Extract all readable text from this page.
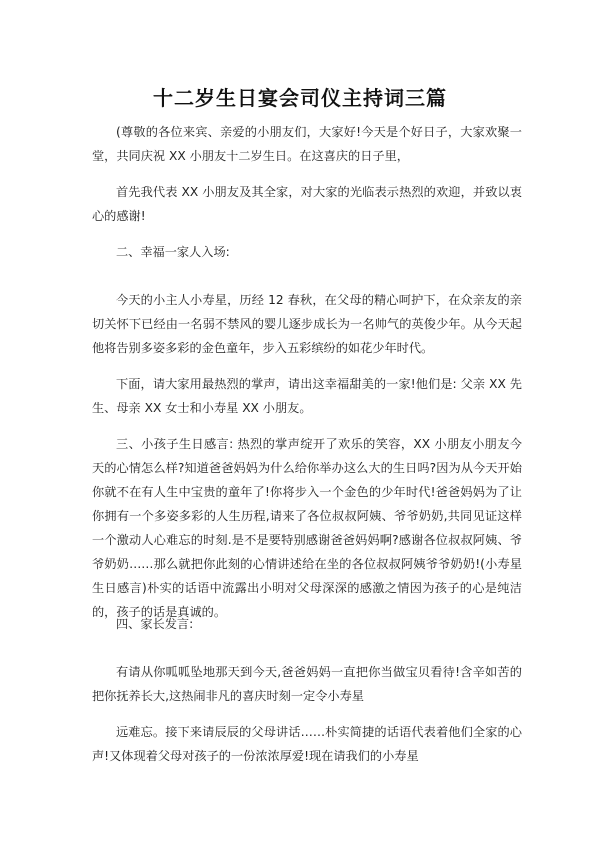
十二岁生日宴会司仪主持词三篇

(尊敬的各位来宾、亲爱的小朋友们，大家好!今天是个好日子，大家欢聚一堂，共同庆祝 XX 小朋友十二岁生日。在这喜庆的日子里，

首先我代表 XX 小朋友及其全家，对大家的光临表示热烈的欢迎，并致以衷心的感谢!

二、幸福一家人入场:

今天的小主人小寿星，历经 12 春秋，在父母的精心呵护下，在众亲友的亲切关怀下已经由一名弱不禁风的婴儿逐步成长为一名帅气的英俊少年。从今天起他将告别多姿多彩的金色童年，步入五彩缤纷的如花少年时代。

下面，请大家用最热烈的掌声，请出这幸福甜美的一家!他们是: 父亲 XX 先生、母亲 XX 女士和小寿星 XX 小朋友。

三、小孩子生日感言: 热烈的掌声绽开了欢乐的笑容，XX 小朋友小朋友今天的心情怎么样?知道爸爸妈妈为什么给你举办这么大的生日吗?因为从今天开始你就不在有人生中宝贵的童年了!你将步入一个金色的少年时代!爸爸妈妈为了让你拥有一个多姿多彩的人生历程,请来了各位叔叔阿姨、爷爷奶奶,共同见证这样一个激动人心难忘的时刻.是不是要特别感谢爸爸妈妈啊?感谢各位叔叔阿姨、爷爷奶奶……那么就把你此刻的心情讲述给在坐的各位叔叔阿姨爷爷奶奶!(小寿星生日感言)朴实的话语中流露出小明对父母深深的感激之情因为孩子的心是纯洁的，孩子的话是真诚的。

四、家长发言:

有请从你呱呱坠地那天到今天,爸爸妈妈一直把你当做宝贝看待!含辛如苦的把你抚养长大,这热闹非凡的喜庆时刻一定令小寿星

远难忘。接下来请辰辰的父母讲话……朴实简捷的话语代表着他们全家的心声!又体现着父母对孩子的一份浓浓厚爱!现在请我们的小寿星
